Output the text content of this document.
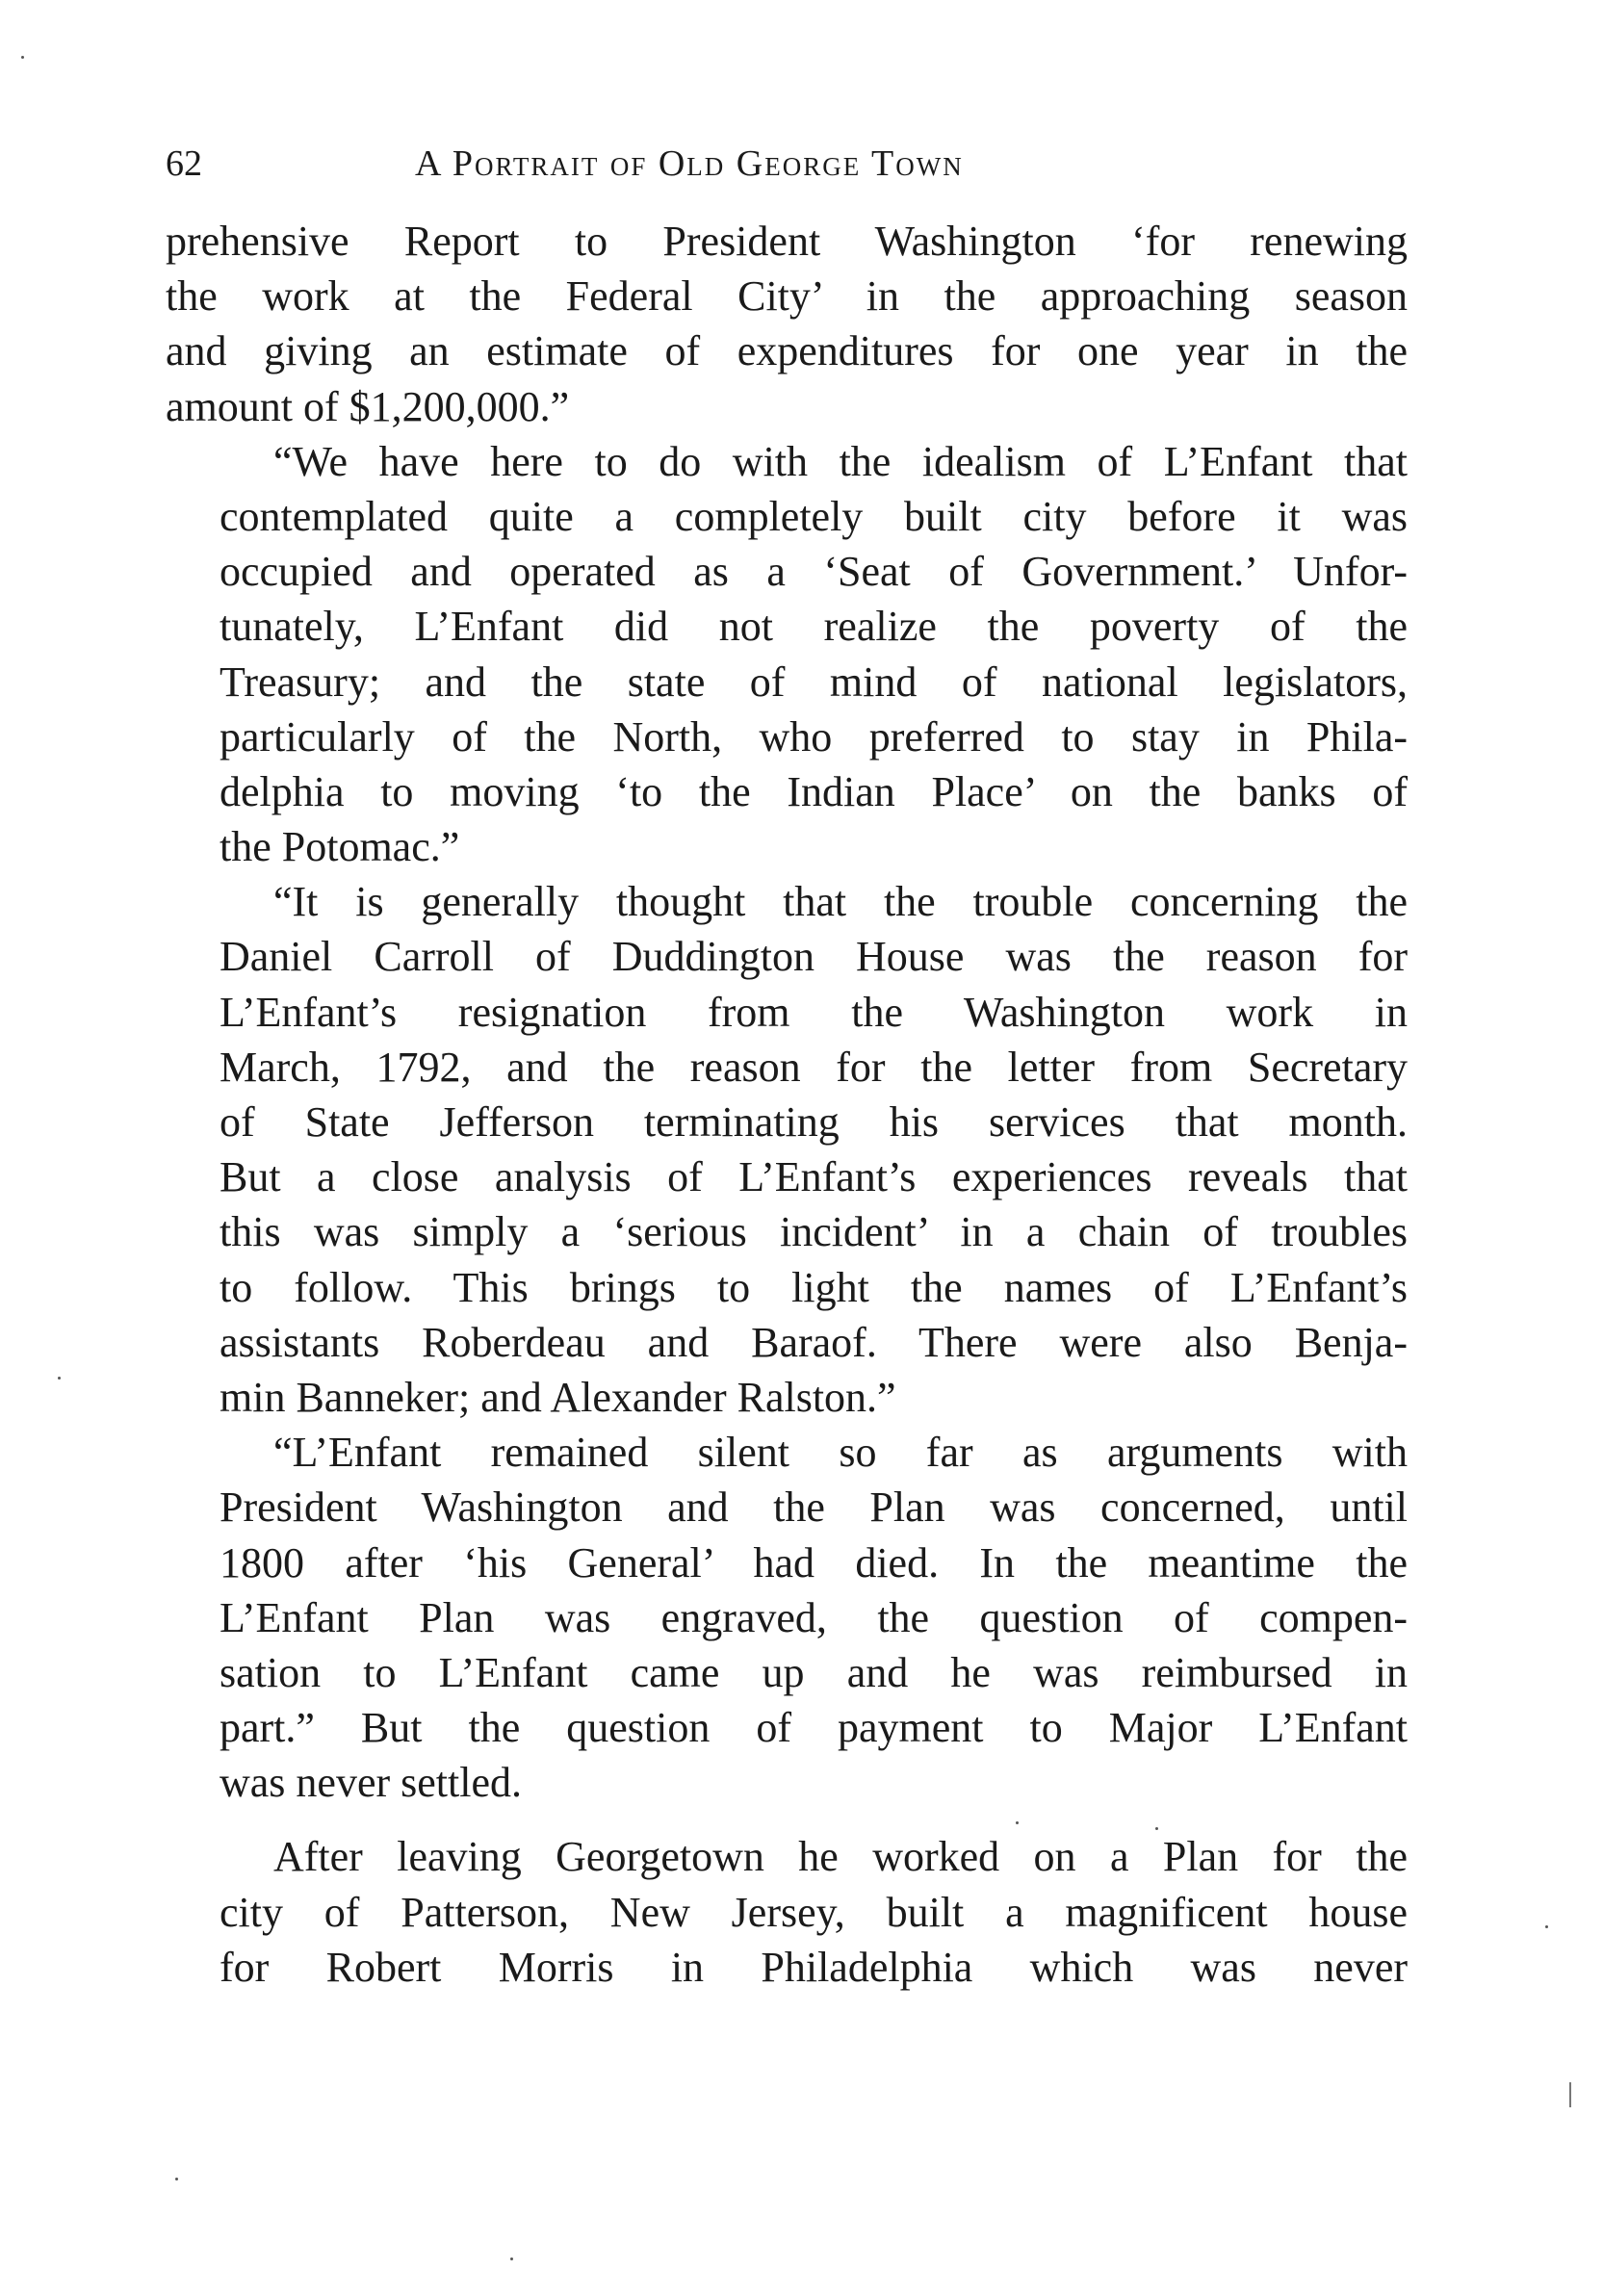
62	A Portrait of Old George Town
prehensive Report to President Washington ‘for renewing
the work at the Federal City’ in the approaching season
and giving an estimate of expenditures for one year in the
amount of $1,200,000.”
“We have here to do with the idealism of L’Enfant that
contemplated quite a completely built city before it was
occupied and operated as a ‘Seat of Government.’ Unfor-
tunately, L’Enfant did not realize the poverty of the
Treasury; and the state of mind of national legislators,
particularly of the North, who preferred to stay in Phila-
delphia to moving ‘to the Indian Place’ on the banks of
the Potomac.”
“It is generally thought that the trouble concerning the
Daniel Carroll of Duddington House was the reason for
L’Enfant’s resignation from the Washington work in
March, 1792, and the reason for the letter from Secretary
of State Jefferson terminating his services that month.
But a close analysis of L’Enfant’s experiences reveals that
this was simply a ‘serious incident’ in a chain of troubles
to follow. This brings to light the names of L’Enfant’s
assistants Roberdeau and Baraof. There were also Benja-
min Banneker; and Alexander Ralston.”
“L’Enfant remained silent so far as arguments with
President Washington and the Plan was concerned, until
1800 after ‘his General’ had died. In the meantime the
L’Enfant Plan was engraved, the question of compen-
sation to L’Enfant came up and he was reimbursed in
part.” But the question of payment to Major L’Enfant
was never settled.
After leaving Georgetown he worked on a Plan for the
city of Patterson, New Jersey, built a magnificent house
for Robert Morris in Philadelphia which was never
